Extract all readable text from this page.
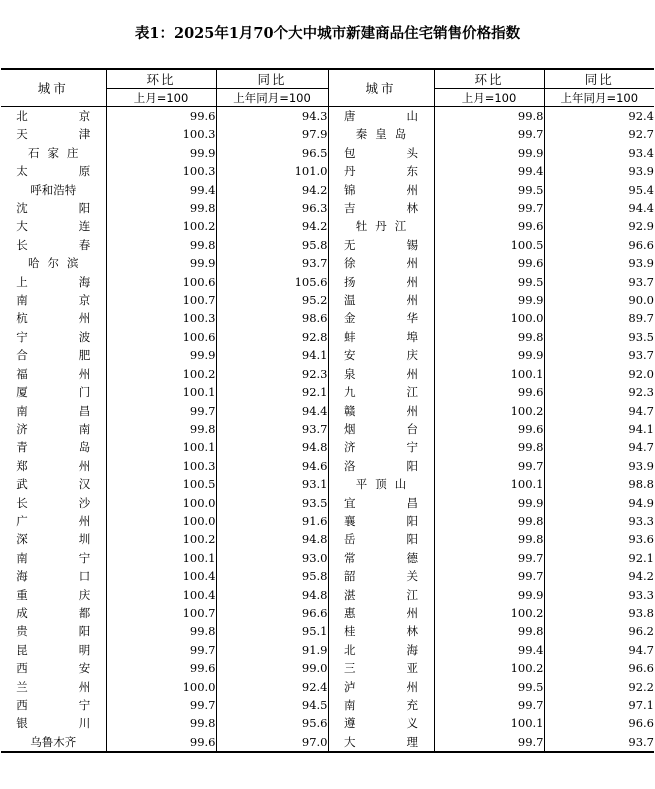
表1：2025年1月70个大中城市新建商品住宅销售价格指数
城市	环比	同比	城市	环比	同比
	上月=100	上年同月=100		上月=100	上年同月=100
北京	99.6	94.3	唐山	99.8	92.4
天津	100.3	97.9	秦皇岛	99.7	92.7
石家庄	99.9	96.5	包头	99.9	93.4
太原	100.3	101.0	丹东	99.4	93.9
呼和浩特	99.4	94.2	锦州	99.5	95.4
沈阳	99.8	96.3	吉林	99.7	94.4
大连	100.2	94.2	牡丹江	99.6	92.9
长春	99.8	95.8	无锡	100.5	96.6
哈尔滨	99.9	93.7	徐州	99.6	93.9
上海	100.6	105.6	扬州	99.5	93.7
南京	100.7	95.2	温州	99.9	90.0
杭州	100.3	98.6	金华	100.0	89.7
宁波	100.6	92.8	蚌埠	99.8	93.5
合肥	99.9	94.1	安庆	99.9	93.7
福州	100.2	92.3	泉州	100.1	92.0
厦门	100.1	92.1	九江	99.6	92.3
南昌	99.7	94.4	赣州	100.2	94.7
济南	99.8	93.7	烟台	99.6	94.1
青岛	100.1	94.8	济宁	99.8	94.7
郑州	100.3	94.6	洛阳	99.7	93.9
武汉	100.5	93.1	平顶山	100.1	98.8
长沙	100.0	93.5	宜昌	99.9	94.9
广州	100.0	91.6	襄阳	99.8	93.3
深圳	100.2	94.8	岳阳	99.8	93.6
南宁	100.1	93.0	常德	99.7	92.1
海口	100.4	95.8	韶关	99.7	94.2
重庆	100.4	94.8	湛江	99.9	93.3
成都	100.7	96.6	惠州	100.2	93.8
贵阳	99.8	95.1	桂林	99.8	96.2
昆明	99.7	91.9	北海	99.4	94.7
西安	99.6	99.0	三亚	100.2	96.6
兰州	100.0	92.4	泸州	99.5	92.2
西宁	99.7	94.5	南充	99.7	97.1
银川	99.8	95.6	遵义	100.1	96.6
乌鲁木齐	99.6	97.0	大理	99.7	93.7
